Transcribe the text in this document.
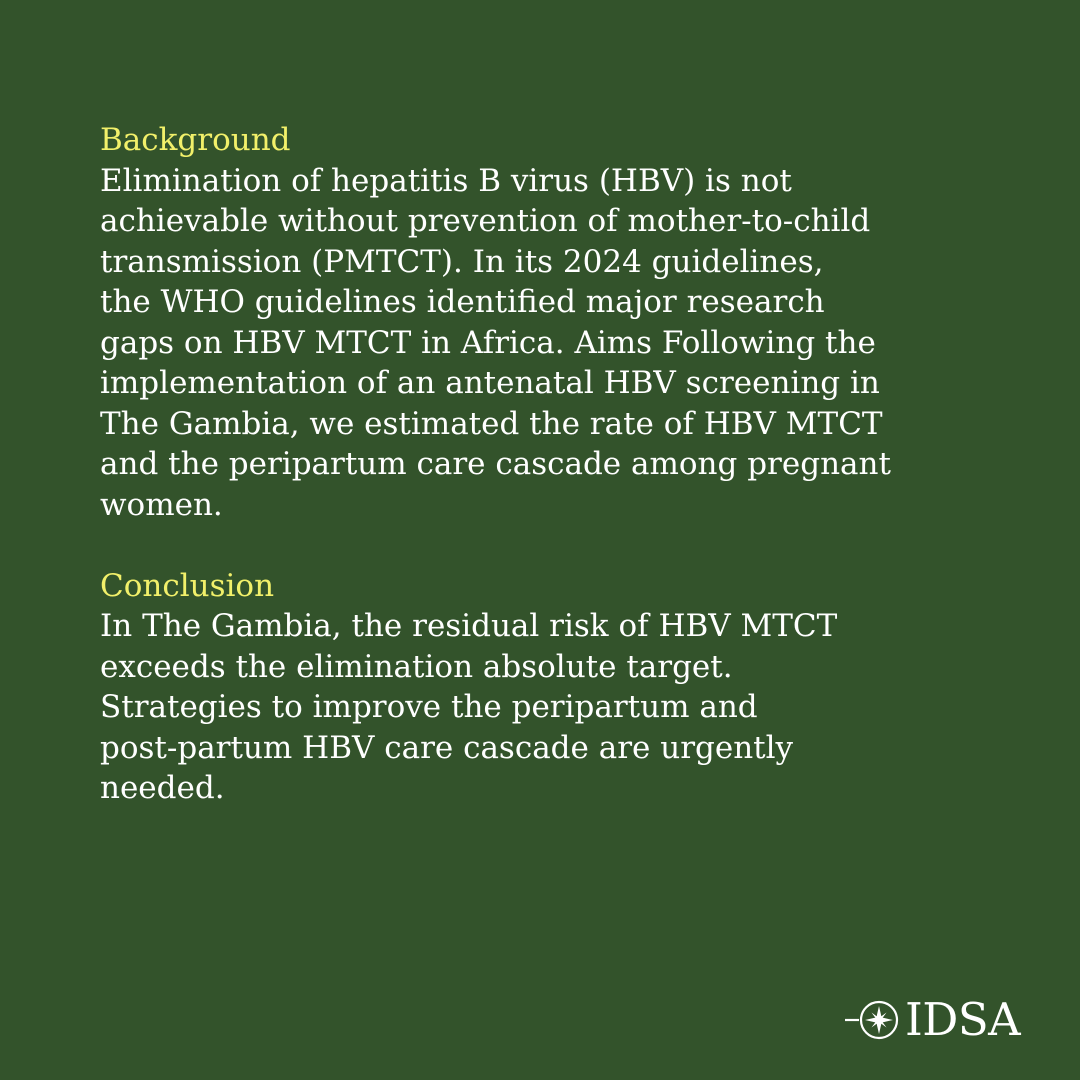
Background
Elimination of hepatitis B virus (HBV) is not
achievable without prevention of mother-to-child
transmission (PMTCT). In its 2024 guidelines,
the WHO guidelines identified major research
gaps on HBV MTCT in Africa. Aims Following the
implementation of an antenatal HBV screening in
The Gambia, we estimated the rate of HBV MTCT
and the peripartum care cascade among pregnant
women.
Conclusion
In The Gambia, the residual risk of HBV MTCT
exceeds the elimination absolute target.
Strategies to improve the peripartum and
post-partum HBV care cascade are urgently
needed.
IDSA
